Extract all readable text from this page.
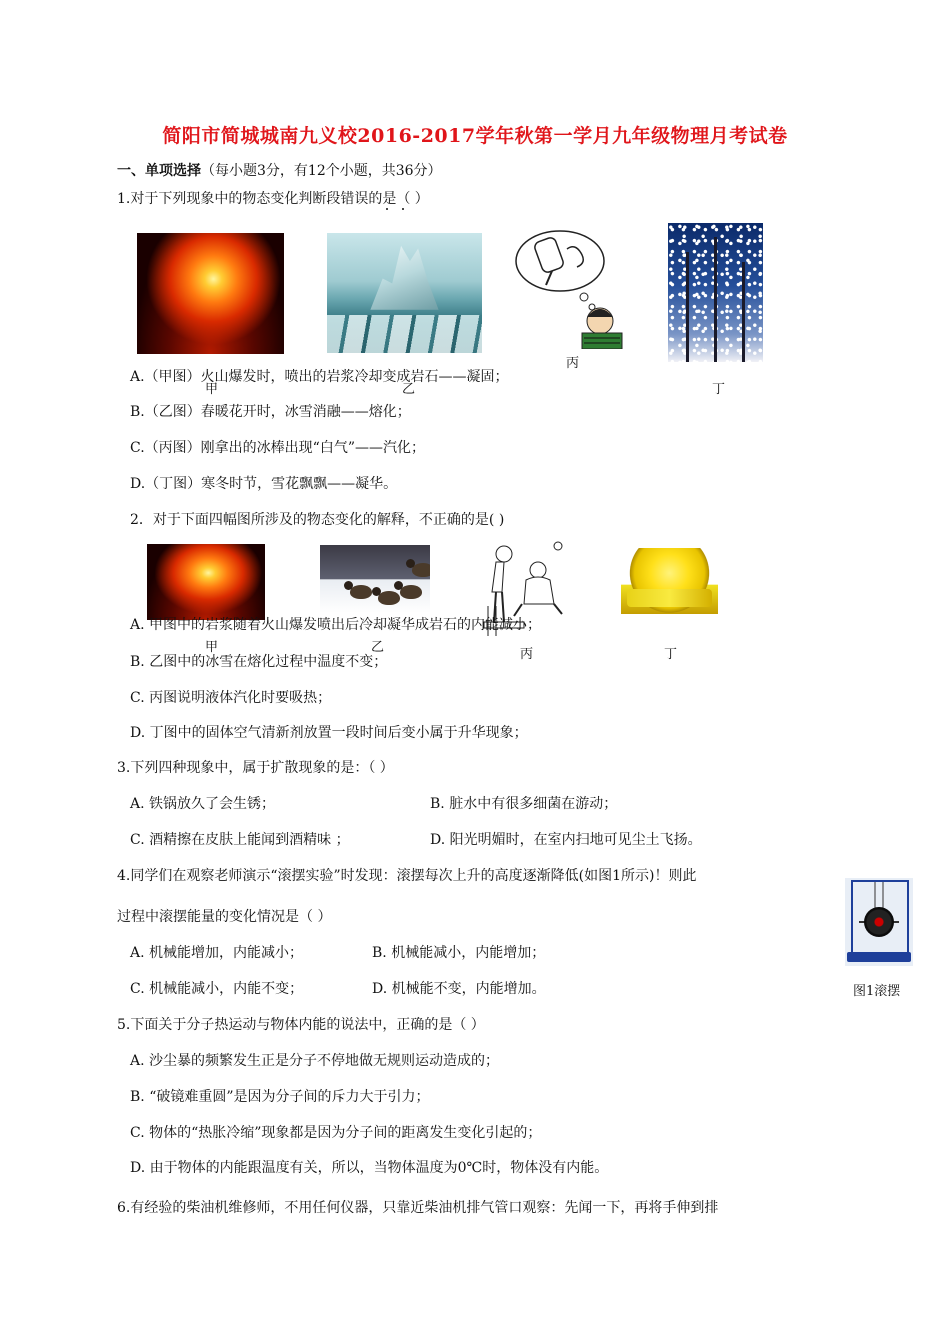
简阳市简城城南九义校2016-2017学年秋第一学月九年级物理月考试卷
一、单项选择（每小题3分，有12个小题，共36分）
1.对于下列现象中的物态变化判断段错误的是（ ）
丙
A.（甲图）火山爆发时，喷出的岩浆冷却变成岩石——凝固；
甲	乙	丁
B.（乙图）春暖花开时，冰雪消融——熔化；
C.（丙图）刚拿出的冰棒出现“白气”——汽化；
D.（丁图）寒冬时节，雪花飘飘——凝华。
2．对于下面四幅图所涉及的物态变化的解释，不正确的是( )
A. 甲图中的岩浆随着火山爆发喷出后冷却凝华成岩石的内能减小；
甲	乙	丙	丁
B. 乙图中的冰雪在熔化过程中温度不变；
C. 丙图说明液体汽化时要吸热；
D. 丁图中的固体空气清新剂放置一段时间后变小属于升华现象；
3.下列四种现象中，属于扩散现象的是：（ ）
A. 铁锅放久了会生锈；	B. 脏水中有很多细菌在游动；
C. 酒精擦在皮肤上能闻到酒精味 ；	D. 阳光明媚时，在室内扫地可见尘土飞扬。
4.同学们在观察老师演示“滚摆实验”时发现：滚摆每次上升的高度逐渐降低(如图1所示)！则此
过程中滚摆能量的变化情况是（ ）
A. 机械能增加，内能减小；	B. 机械能减小，内能增加；
C. 机械能减小，内能不变；	D. 机械能不变，内能增加。	图1滚摆
5.下面关于分子热运动与物体内能的说法中，正确的是（ ）
A. 沙尘暴的频繁发生正是分子不停地做无规则运动造成的；
B. “破镜难重圆”是因为分子间的斥力大于引力；
C. 物体的“热胀冷缩”现象都是因为分子间的距离发生变化引起的；
D. 由于物体的内能跟温度有关，所以，当物体温度为0℃时，物体没有内能。
6.有经验的柴油机维修师，不用任何仪器，只靠近柴油机排气管口观察：先闻一下，再将手伸到排
